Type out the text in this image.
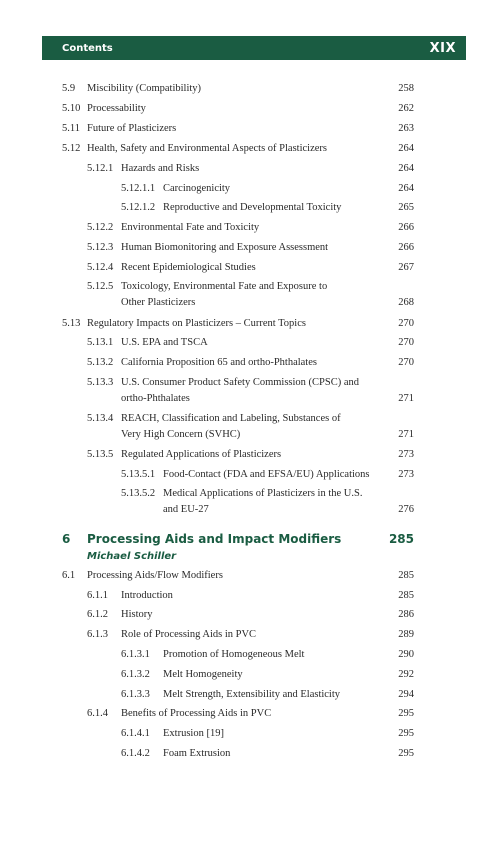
Contents	XIX
258
5.9 Miscibility (Compatibility)
262
5.10 Processability
263
5.11 Future of Plasticizers
264
5.12 Health, Safety and Environmental Aspects of Plasticizers
264
5.12.1 Hazards and Risks
264
5.12.1.1 Carcinogenicity
265
5.12.1.2 Reproductive and Developmental Toxicity
266
5.12.2 Environmental Fate and Toxicity
266
5.12.3 Human Biomonitoring and Exposure Assessment
267
5.12.4 Recent Epidemiological Studies
268
5.12.5 Toxicology, Environmental Fate and Exposure to
Other Plasticizers
270
5.13 Regulatory Impacts on Plasticizers – Current Topics
270
5.13.1 U.S. EPA and TSCA
270
5.13.2 California Proposition 65 and ortho-Phthalates
271
5.13.3 U.S. Consumer Product Safety Commission (CPSC) and
ortho-Phthalates
271
5.13.4 REACH, Classification and Labeling, Substances of
Very High Concern (SVHC)
273
5.13.5 Regulated Applications of Plasticizers
273
5.13.5.1 Food-Contact (FDA and EFSA/EU) Applications
276
5.13.5.2 Medical Applications of Plasticizers in the U.S.
and EU-27
285
6 Processing Aids and Impact Modifiers
Michael Schiller
285
6.1 Processing Aids/Flow Modifiers
285
6.1.1 Introduction
286
6.1.2 History
289
6.1.3 Role of Processing Aids in PVC
290
6.1.3.1 Promotion of Homogeneous Melt
292
6.1.3.2 Melt Homogeneity
294
6.1.3.3 Melt Strength, Extensibility and Elasticity
295
6.1.4 Benefits of Processing Aids in PVC
295
6.1.4.1 Extrusion [19]
295
6.1.4.2 Foam Extrusion
